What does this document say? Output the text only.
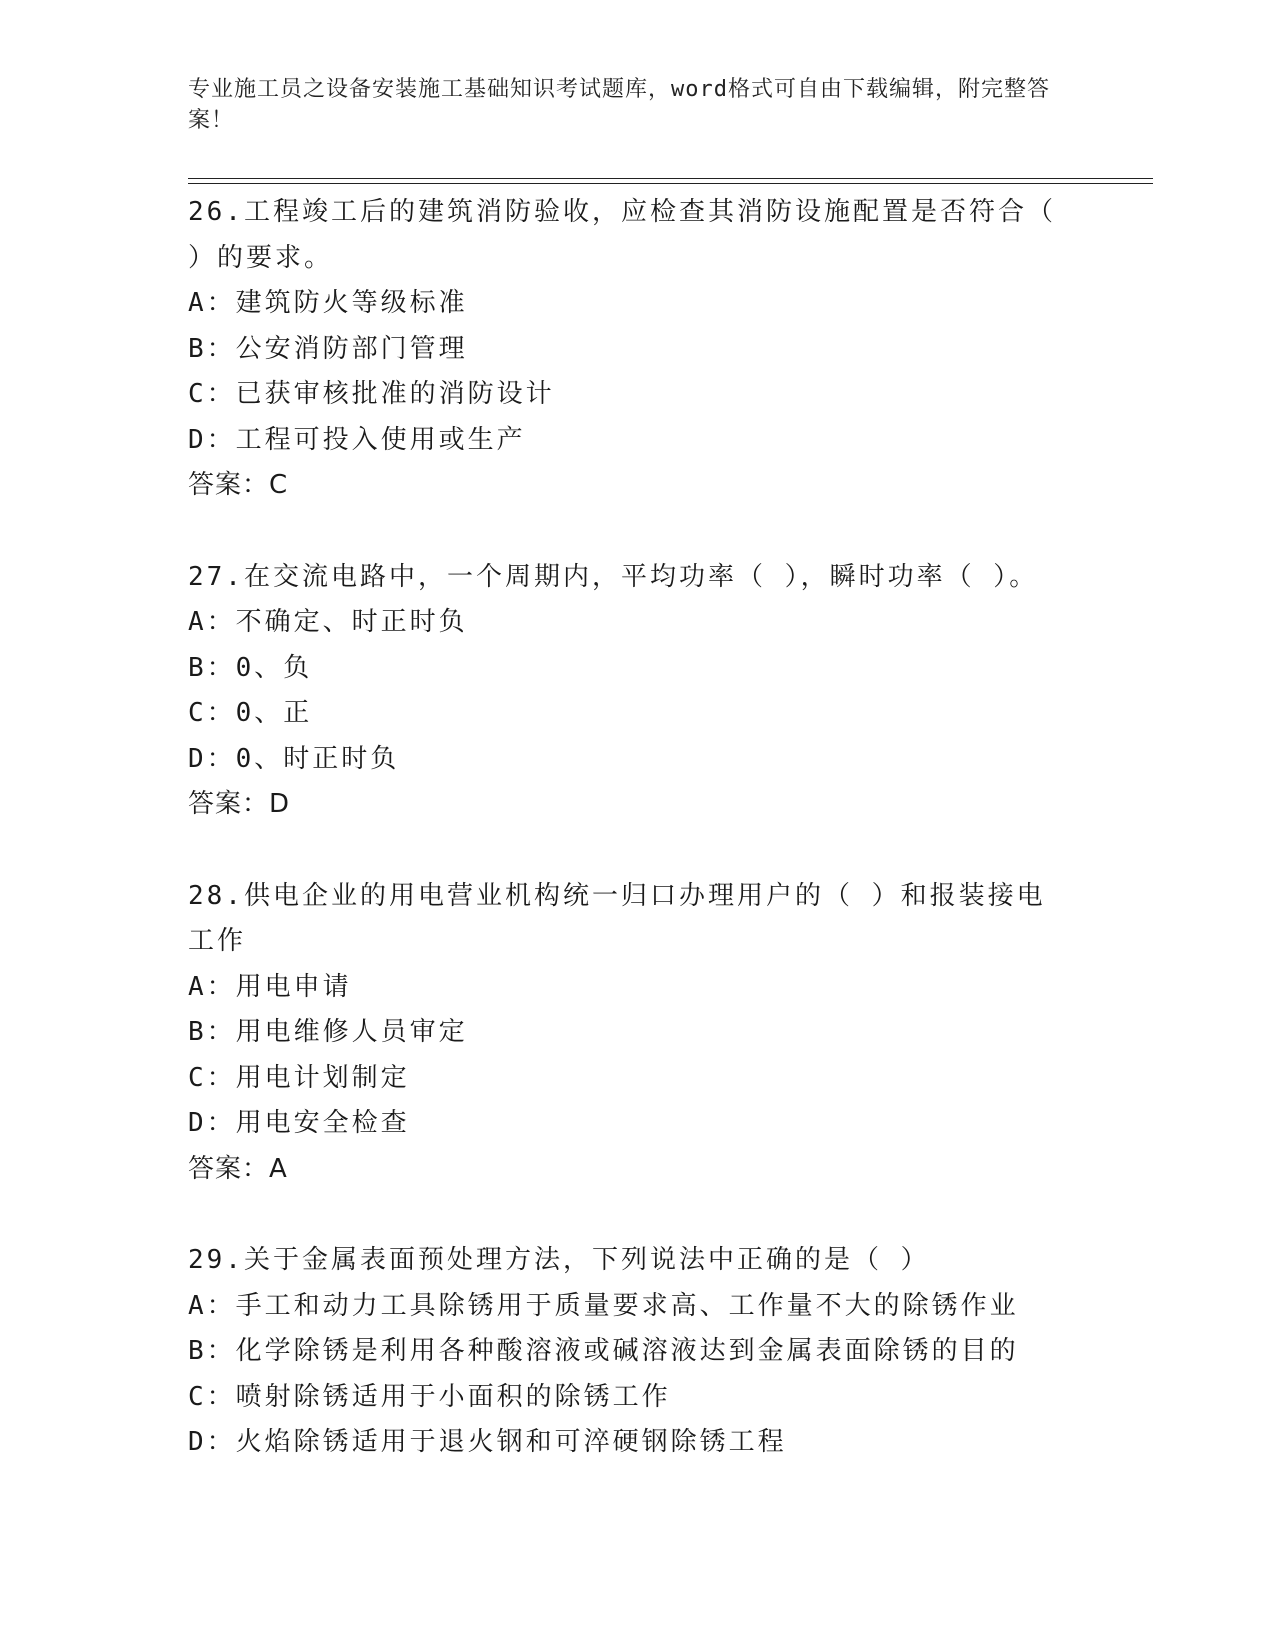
专业施工员之设备安装施工基础知识考试题库，word格式可自由下载编辑，附完整答案！
26.工程竣工后的建筑消防验收，应检查其消防设施配置是否符合（ ）的要求。
A：建筑防火等级标准
B：公安消防部门管理
C：已获审核批准的消防设计
D：工程可投入使用或生产
答案：C
27.在交流电路中，一个周期内，平均功率（ ），瞬时功率（ ）。
A：不确定、时正时负
B：0、负
C：0、正
D：0、时正时负
答案：D
28.供电企业的用电营业机构统一归口办理用户的（ ）和报装接电工作
A：用电申请
B：用电维修人员审定
C：用电计划制定
D：用电安全检查
答案：A
29.关于金属表面预处理方法，下列说法中正确的是（ ）
A：手工和动力工具除锈用于质量要求高、工作量不大的除锈作业
B：化学除锈是利用各种酸溶液或碱溶液达到金属表面除锈的目的
C：喷射除锈适用于小面积的除锈工作
D：火焰除锈适用于退火钢和可淬硬钢除锈工程
